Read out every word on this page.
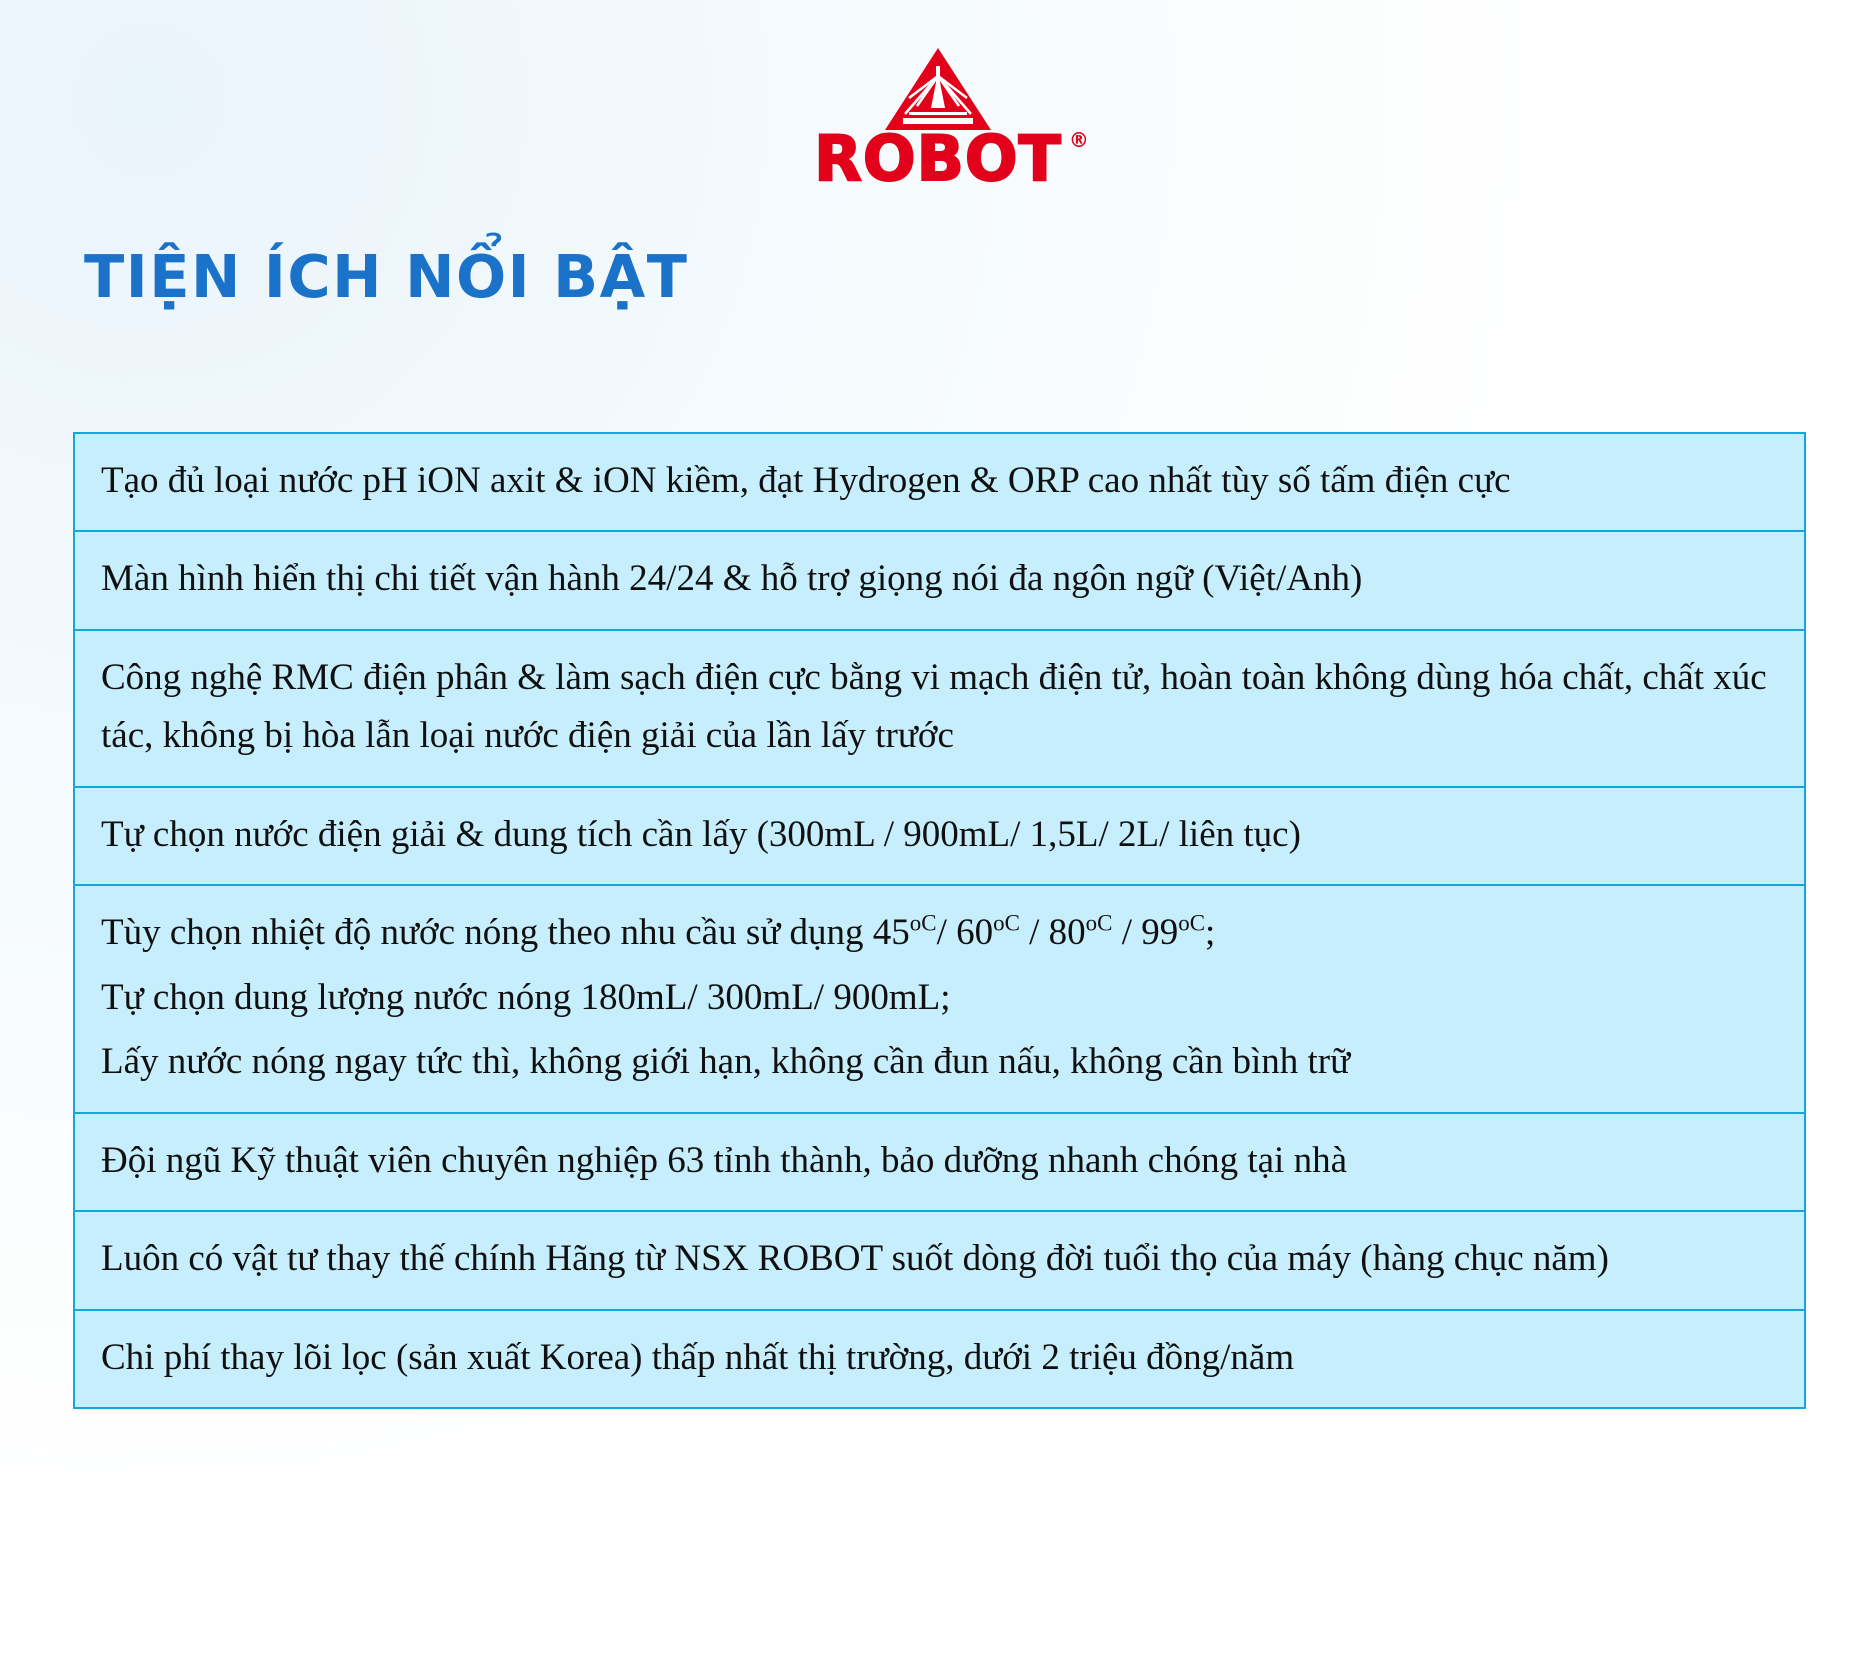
ROBOT ®
TIỆN ÍCH NỔI BẬT

Tạo đủ loại nước pH iON axit & iON kiềm, đạt Hydrogen & ORP cao nhất tùy số tấm điện cực

Màn hình hiển thị chi tiết vận hành 24/24 & hỗ trợ giọng nói đa ngôn ngữ (Việt/Anh)

Công nghệ RMC điện phân & làm sạch điện cực bằng vi mạch điện tử, hoàn toàn không dùng hóa chất, chất xúc tác, không bị hòa lẫn loại nước điện giải của lần lấy trước

Tự chọn nước điện giải & dung tích cần lấy (300mL / 900mL/ 1,5L/ 2L/ liên tục)

Tùy chọn nhiệt độ nước nóng theo nhu cầu sử dụng $45^{oC}/$ $60^{oC} / 80^{oC} / 99^{oC}$;

Tự chọn dung lượng nước nóng 180mL/ 300mL/ 900mL;

Lấy nước nóng ngay tức thì, không giới hạn, không cần đun nấu, không cần bình trữ

Đội ngũ Kỹ thuật viên chuyên nghiệp 63 tỉnh thành, bảo dưỡng nhanh chóng tại nhà

Luôn có vật tư thay thế chính Hãng từ NSX ROBOT suốt dòng đời tuổi thọ của máy (hàng chục năm)

Chi phí thay lõi lọc (sản xuất Korea) thấp nhất thị trường, dưới 2 triệu đồng/năm
